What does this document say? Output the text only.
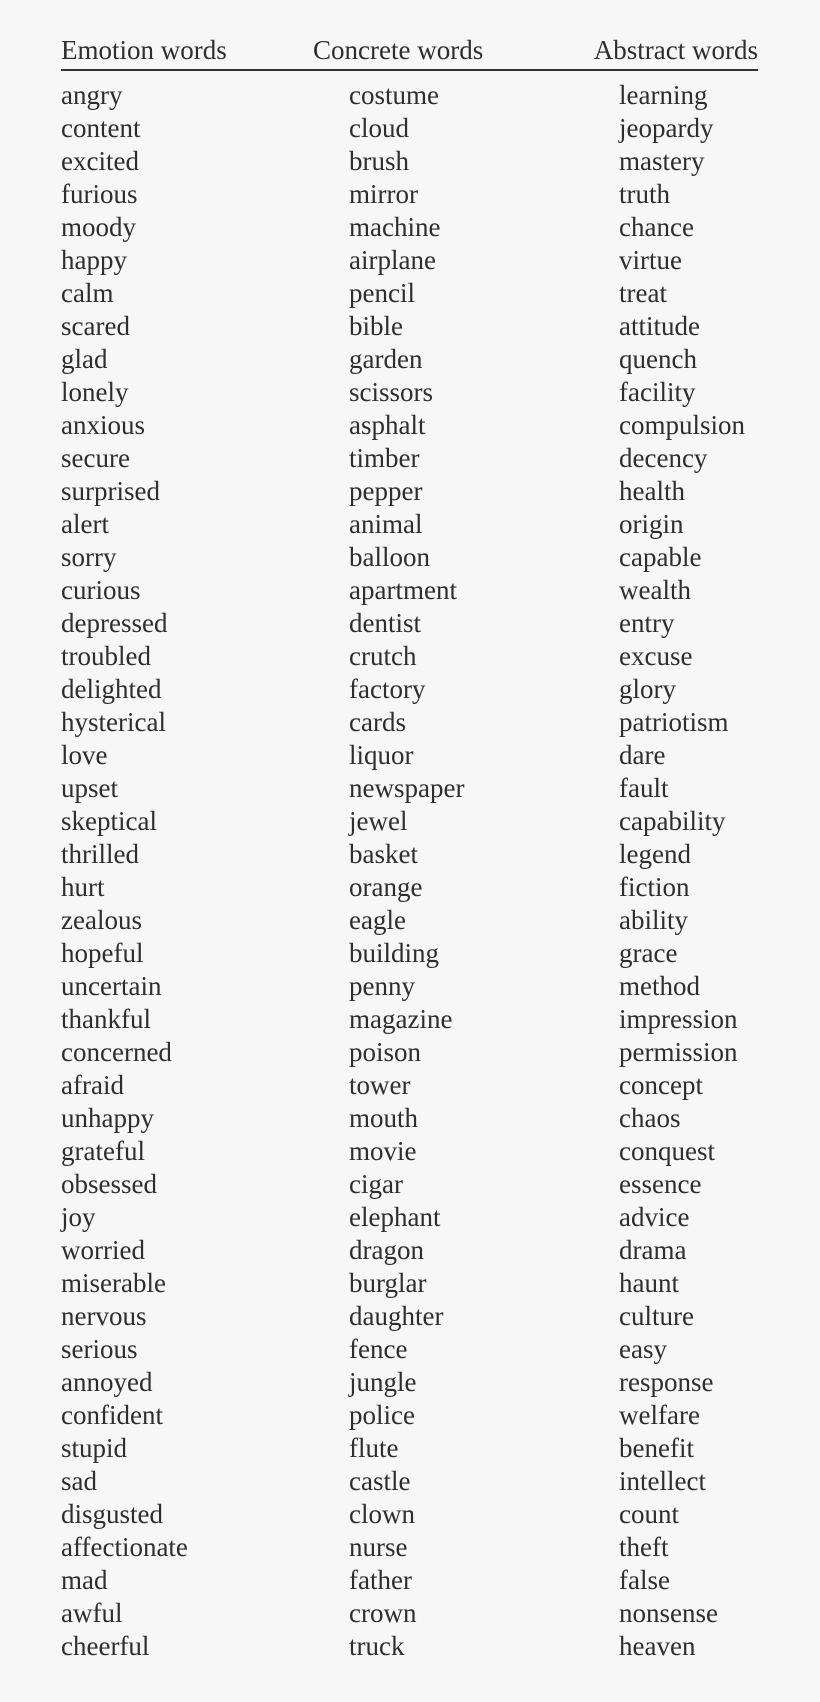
Emotion words	Concrete words	Abstract words
angry	costume	learning
content	cloud	jeopardy
excited	brush	mastery
furious	mirror	truth
moody	machine	chance
happy	airplane	virtue
calm	pencil	treat
scared	bible	attitude
glad	garden	quench
lonely	scissors	facility
anxious	asphalt	compulsion
secure	timber	decency
surprised	pepper	health
alert	animal	origin
sorry	balloon	capable
curious	apartment	wealth
depressed	dentist	entry
troubled	crutch	excuse
delighted	factory	glory
hysterical	cards	patriotism
love	liquor	dare
upset	newspaper	fault
skeptical	jewel	capability
thrilled	basket	legend
hurt	orange	fiction
zealous	eagle	ability
hopeful	building	grace
uncertain	penny	method
thankful	magazine	impression
concerned	poison	permission
afraid	tower	concept
unhappy	mouth	chaos
grateful	movie	conquest
obsessed	cigar	essence
joy	elephant	advice
worried	dragon	drama
miserable	burglar	haunt
nervous	daughter	culture
serious	fence	easy
annoyed	jungle	response
confident	police	welfare
stupid	flute	benefit
sad	castle	intellect
disgusted	clown	count
affectionate	nurse	theft
mad	father	false
awful	crown	nonsense
cheerful	truck	heaven
